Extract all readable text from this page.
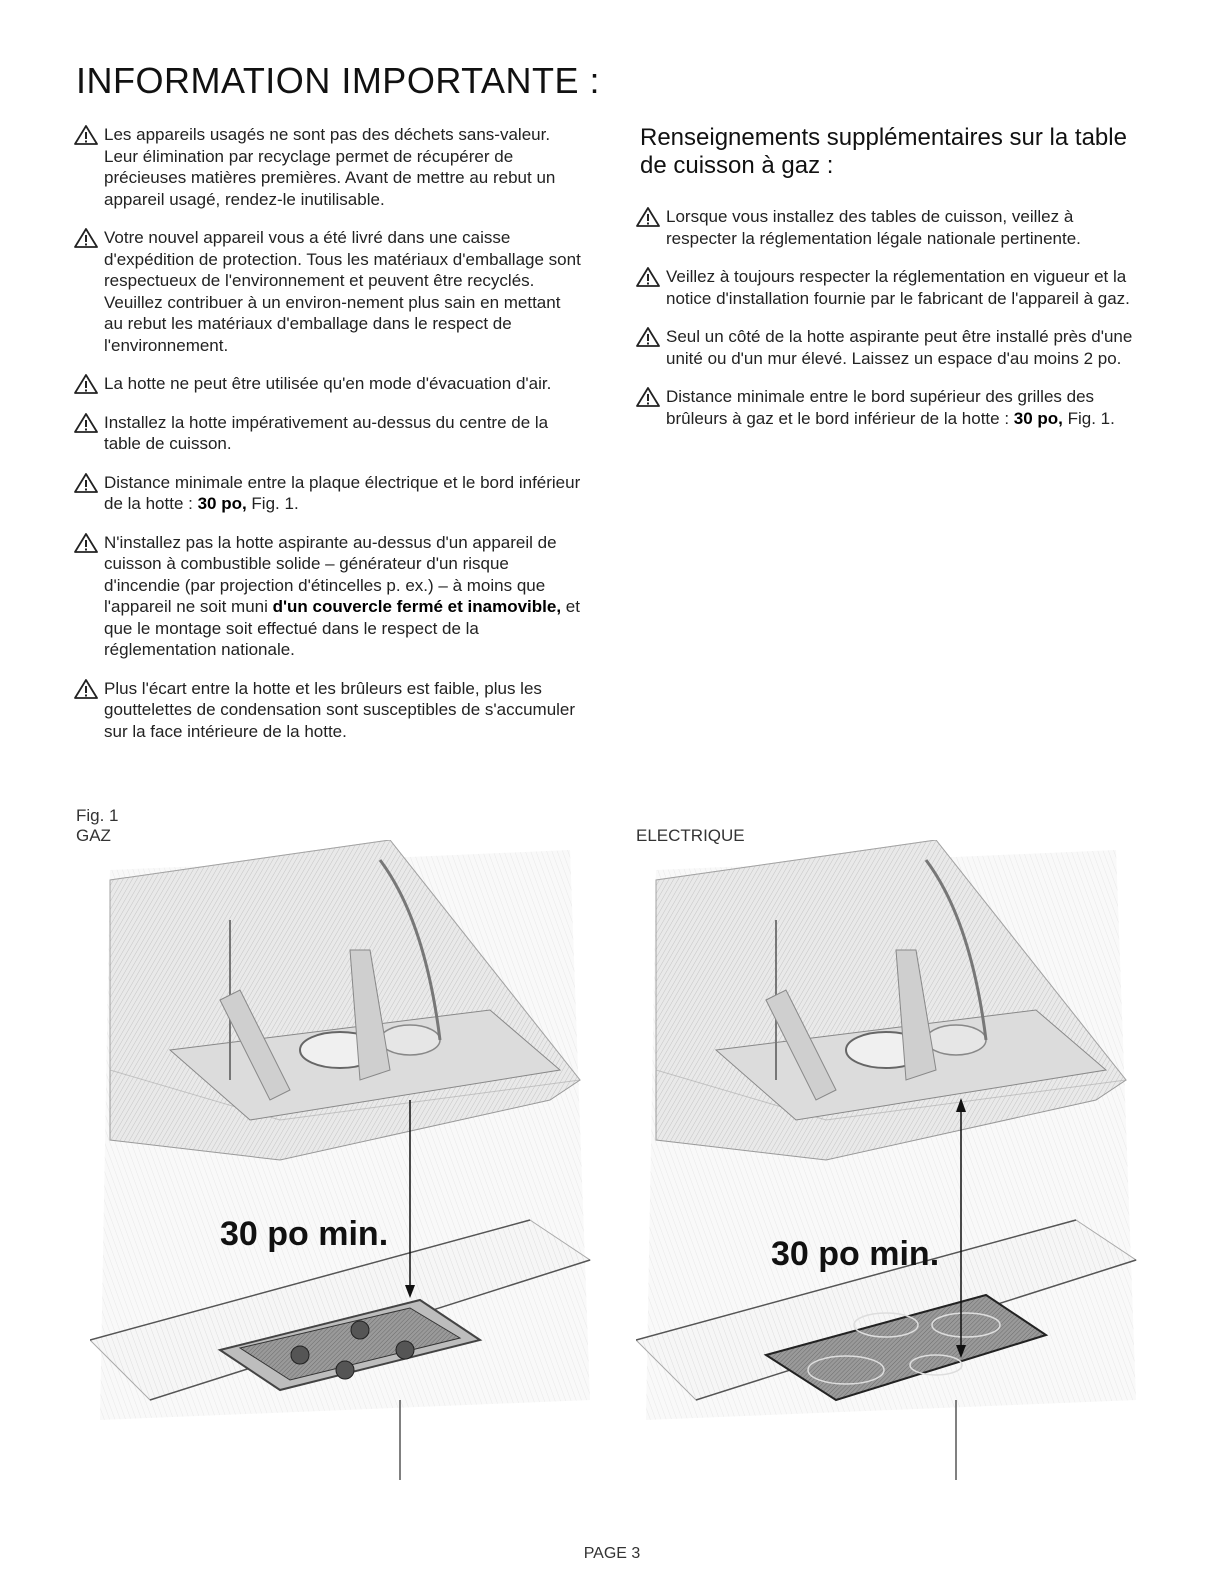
INFORMATION IMPORTANTE :
Les appareils usagés ne sont pas des déchets sans-valeur. Leur élimination par recyclage permet de récupérer de précieuses matières premières. Avant de mettre au rebut un appareil usagé, rendez-le inutilisable.
Votre nouvel appareil vous a été livré dans une caisse d'expédition de protection. Tous les matériaux d'emballage sont respectueux de l'environnement et peuvent être recyclés. Veuillez contribuer à un environ-nement plus sain en mettant au rebut les matériaux d'emballage dans le respect de l'environnement.
La hotte ne peut être utilisée qu'en mode d'évacuation d'air.
Installez la hotte impérativement au-dessus du centre de la table de cuisson.
Distance minimale entre la plaque électrique et le bord inférieur de la hotte : 30 po, Fig. 1.
N'installez pas la hotte aspirante au-dessus d'un appareil de cuisson à combustible solide – générateur d'un risque d'incendie (par projection d'étincelles p. ex.) – à moins que l'appareil ne soit muni d'un couvercle fermé et inamovible, et que le montage soit effectué dans le respect de la réglementation nationale.
Plus l'écart entre la hotte et les brûleurs est faible, plus les gouttelettes de condensation sont susceptibles de s'accumuler sur la face intérieure de la hotte.
Renseignements supplémentaires sur la table de cuisson à gaz :
Lorsque vous installez des tables de cuisson, veillez à respecter la réglementation légale nationale pertinente.
Veillez à toujours respecter la réglementation en vigueur et la notice d'installation fournie par le fabricant de l'appareil à gaz.
Seul un côté de la hotte aspirante peut être installé près d'une unité ou d'un mur élevé. Laissez un espace d'au moins 2 po.
Distance minimale entre le bord supérieur des grilles des brûleurs à gaz et le bord inférieur de la hotte : 30 po, Fig. 1.
Fig. 1
GAZ	ELECTRIQUE
30 po min.
30 po min.
PAGE 3
